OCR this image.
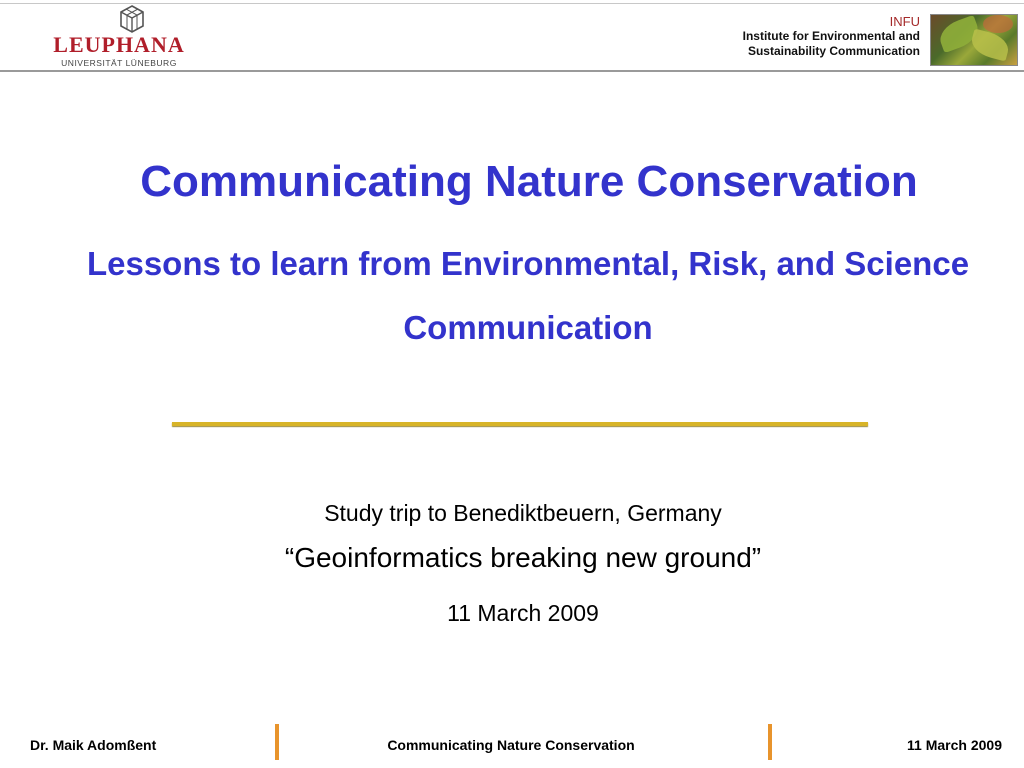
LEUPHANA
UNIVERSITÄT LÜNEBURG
INFU
Institute for Environmental and
Sustainability Communication
Communicating Nature Conservation
Lessons to learn from Environmental, Risk, and Science Communication
Study trip to Benediktbeuern, Germany
“Geoinformatics breaking new ground”
11 March 2009
Dr. Maik Adomßent	Communicating Nature Conservation	11 March 2009
